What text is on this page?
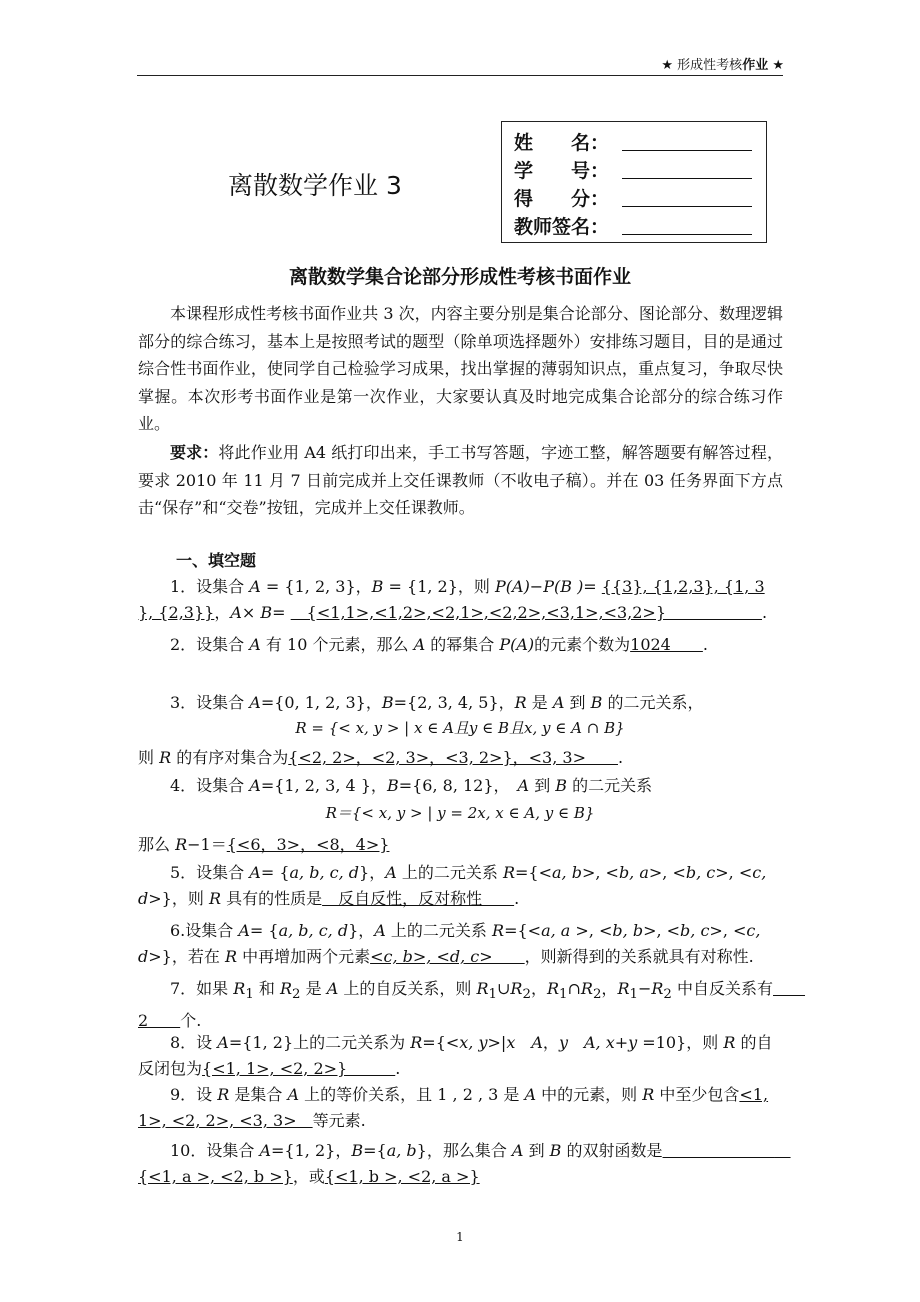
★ 形成性考核作业 ★
离散数学作业 3
姓　　名：
学　　号：
得　　分：
教师签名：
离散数学集合论部分形成性考核书面作业
本课程形成性考核书面作业共 3 次，内容主要分别是集合论部分、图论部分、数理逻辑部分的综合练习，基本上是按照考试的题型（除单项选择题外）安排练习题目，目的是通过综合性书面作业，使同学自己检验学习成果，找出掌握的薄弱知识点，重点复习，争取尽快掌握。本次形考书面作业是第一次作业，大家要认真及时地完成集合论部分的综合练习作业。
要求：将此作业用 A4 纸打印出来，手工书写答题，字迹工整，解答题要有解答过程，要求 2010 年 11 月 7 日前完成并上交任课教师（不收电子稿）。并在 03 任务界面下方点击“保存”和“交卷”按钮，完成并上交任课教师。
一、填空题
1．设集合 A = {1, 2, 3}，B = {1, 2}，则 P(A)−P(B )= {{3}, {1,2,3}, {1, 3 }, {2,3}}，A× B= 　{<1,1>,<1,2>,<2,1>,<2,2>,<3,1>,<3,2>}　　　　　　.
2．设集合 A 有 10 个元素，那么 A 的幂集合 P(A)的元素个数为1024　　.
3．设集合 A={0, 1, 2, 3}，B={2, 3, 4, 5}，R 是 A 到 B 的二元关系，
R = {< x, y > | x ∈ A且y ∈ B且x, y ∈ A ∩ B}
则 R 的有序对集合为{<2, 2>，<2, 3>，<3, 2>}，<3, 3>　　.
4．设集合 A={1, 2, 3, 4 }，B={6, 8, 12}，　A 到 B 的二元关系
R＝{< x, y > | y = 2x, x ∈ A, y ∈ B}
那么 R−1＝{<6，3>，<8，4>}
5．设集合 A= {a, b, c, d}，A 上的二元关系 R={<a, b>, <b, a>, <b, c>, <c, d>}，则 R 具有的性质是　反自反性，反对称性　　.
6.设集合 A= {a, b, c, d}，A 上的二元关系 R={<a, a >, <b, b>, <b, c>, <c, d>}，若在 R 中再增加两个元素<c, b>, <d, c>　　，则新得到的关系就具有对称性.
7．如果 $R_1$ 和 $R_2$ 是 A 上的自反关系，则 $R_1\cup R_2$，$R_1\cap R_2$，$R_1-R_2$ 中自反关系有　　2　　个.
8．设 A={1, 2}上的二元关系为 R={<x, y>|x　 A，y　 A, x+y =10}，则 R 的自反闭包为{<1, 1>, <2, 2>}　　　.
9．设 R 是集合 A 上的等价关系，且 1 , 2 , 3 是 A 中的元素，则 R 中至少包含<1, 1>, <2, 2>, <3, 3>　等元素.
10．设集合 A={1, 2}，B={a, b}，那么集合 A 到 B 的双射函数是　　　　　　　	　{<1, a >, <2, b >}，或{<1, b >, <2, a >}
1
